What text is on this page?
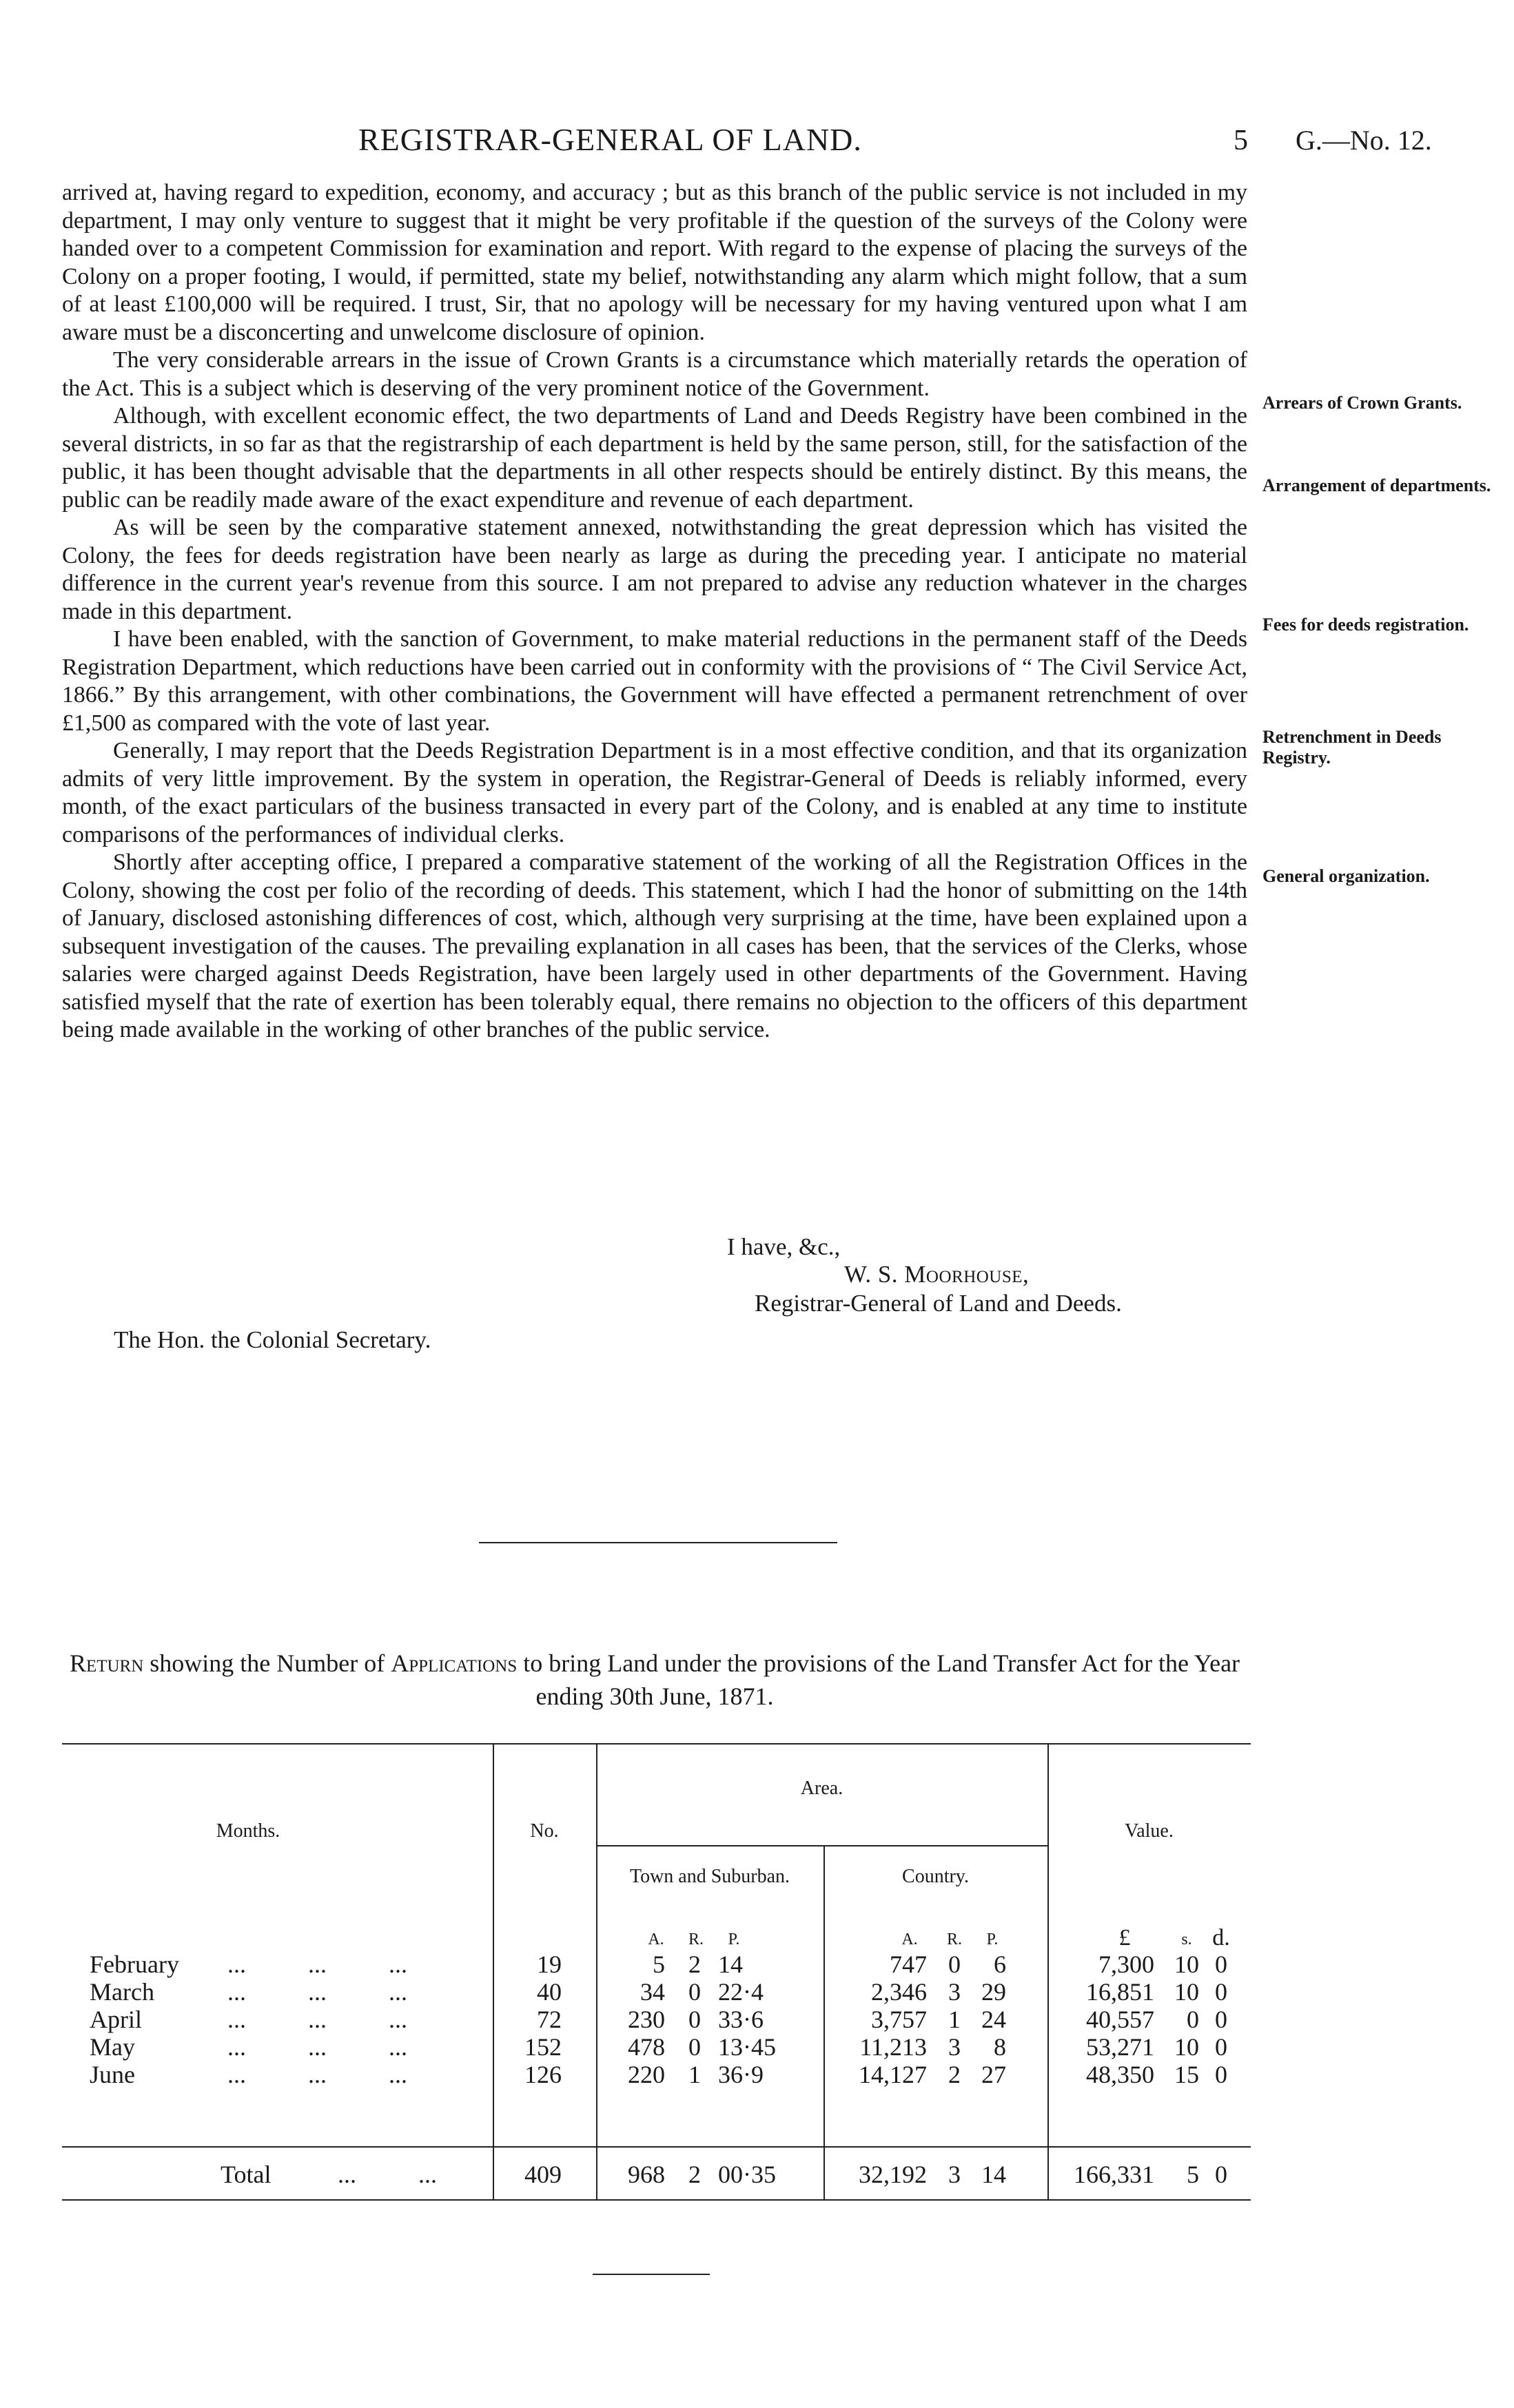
REGISTRAR-GENERAL OF LAND.	5 G.—No. 12.

arrived at, having regard to expedition, economy, and accuracy ; but as this branch of the public service is not included in my department, I may only venture to suggest that it might be very profitable if the question of the surveys of the Colony were handed over to a competent Commission for examination and report. With regard to the expense of placing the surveys of the Colony on a proper footing, I would, if permitted, state my belief, notwithstanding any alarm which might follow, that a sum of at least £100,000 will be required. I trust, Sir, that no apology will be necessary for my having ventured upon what I am aware must be a disconcerting and unwelcome disclosure of opinion.

The very considerable arrears in the issue of Crown Grants is a circumstance which materially retards the operation of the Act. This is a subject which is deserving of the very prominent notice of the Government.

Although, with excellent economic effect, the two departments of Land and Deeds Registry have been combined in the several districts, in so far as that the registrarship of each department is held by the same person, still, for the satisfaction of the public, it has been thought advisable that the departments in all other respects should be entirely distinct. By this means, the public can be readily made aware of the exact expenditure and revenue of each department.

As will be seen by the comparative statement annexed, notwithstanding the great depression which has visited the Colony, the fees for deeds registration have been nearly as large as during the preceding year. I anticipate no material difference in the current year's revenue from this source. I am not prepared to advise any reduction whatever in the charges made in this department.

I have been enabled, with the sanction of Government, to make material reductions in the permanent staff of the Deeds Registration Department, which reductions have been carried out in conformity with the provisions of “ The Civil Service Act, 1866.” By this arrangement, with other combinations, the Government will have effected a permanent retrenchment of over £1,500 as compared with the vote of last year.

Generally, I may report that the Deeds Registration Department is in a most effective condition, and that its organization admits of very little improvement. By the system in operation, the Registrar-General of Deeds is reliably informed, every month, of the exact particulars of the business transacted in every part of the Colony, and is enabled at any time to institute comparisons of the performances of individual clerks.

Shortly after accepting office, I prepared a comparative statement of the working of all the Registration Offices in the Colony, showing the cost per folio of the recording of deeds. This statement, which I had the honor of submitting on the 14th of January, disclosed astonishing differences of cost, which, although very surprising at the time, have been explained upon a subsequent investigation of the causes. The prevailing explanation in all cases has been, that the services of the Clerks, whose salaries were charged against Deeds Registration, have been largely used in other departments of the Government. Having satisfied myself that the rate of exertion has been tolerably equal, there remains no objection to the officers of this department being made available in the working of other branches of the public service.

Arrears of Crown Grants.
Arrangement of departments.
Fees for deeds registration.
Retrenchment in Deeds Registry.
General organization.
I have, &c.,
W. S. Moorhouse,
Registrar-General of Land and Deeds.
The Hon. the Colonial Secretary.
Return showing the Number of Applications to bring Land under the provisions of the Land Transfer Act for the Year ending 30th June, 1871.
Months.	No.
Area.
Town and Suburban.	Country.
Value.
A.	R.	P.	A.	R.	P.	£	s. d.
February ...          ...          ...	19	5 2 14	747 0	6	7,300 10 0
March	...          ...          ...	40	34 0 22·4	2,346 3 29	16,851 10 0
April	...          ...          ...	72	230 0 33·6	3,757 1 24	40,557	0 0
May	...          ...          ...	152	478 0 13·45	11,213 3	8	53,271 10 0
June	...          ...          ...	126	220 1 36·9	14,127 2 27	48,350 15 0
Total	...          ...	409	968 2 00·35	32,192 3 14	166,331	5 0
